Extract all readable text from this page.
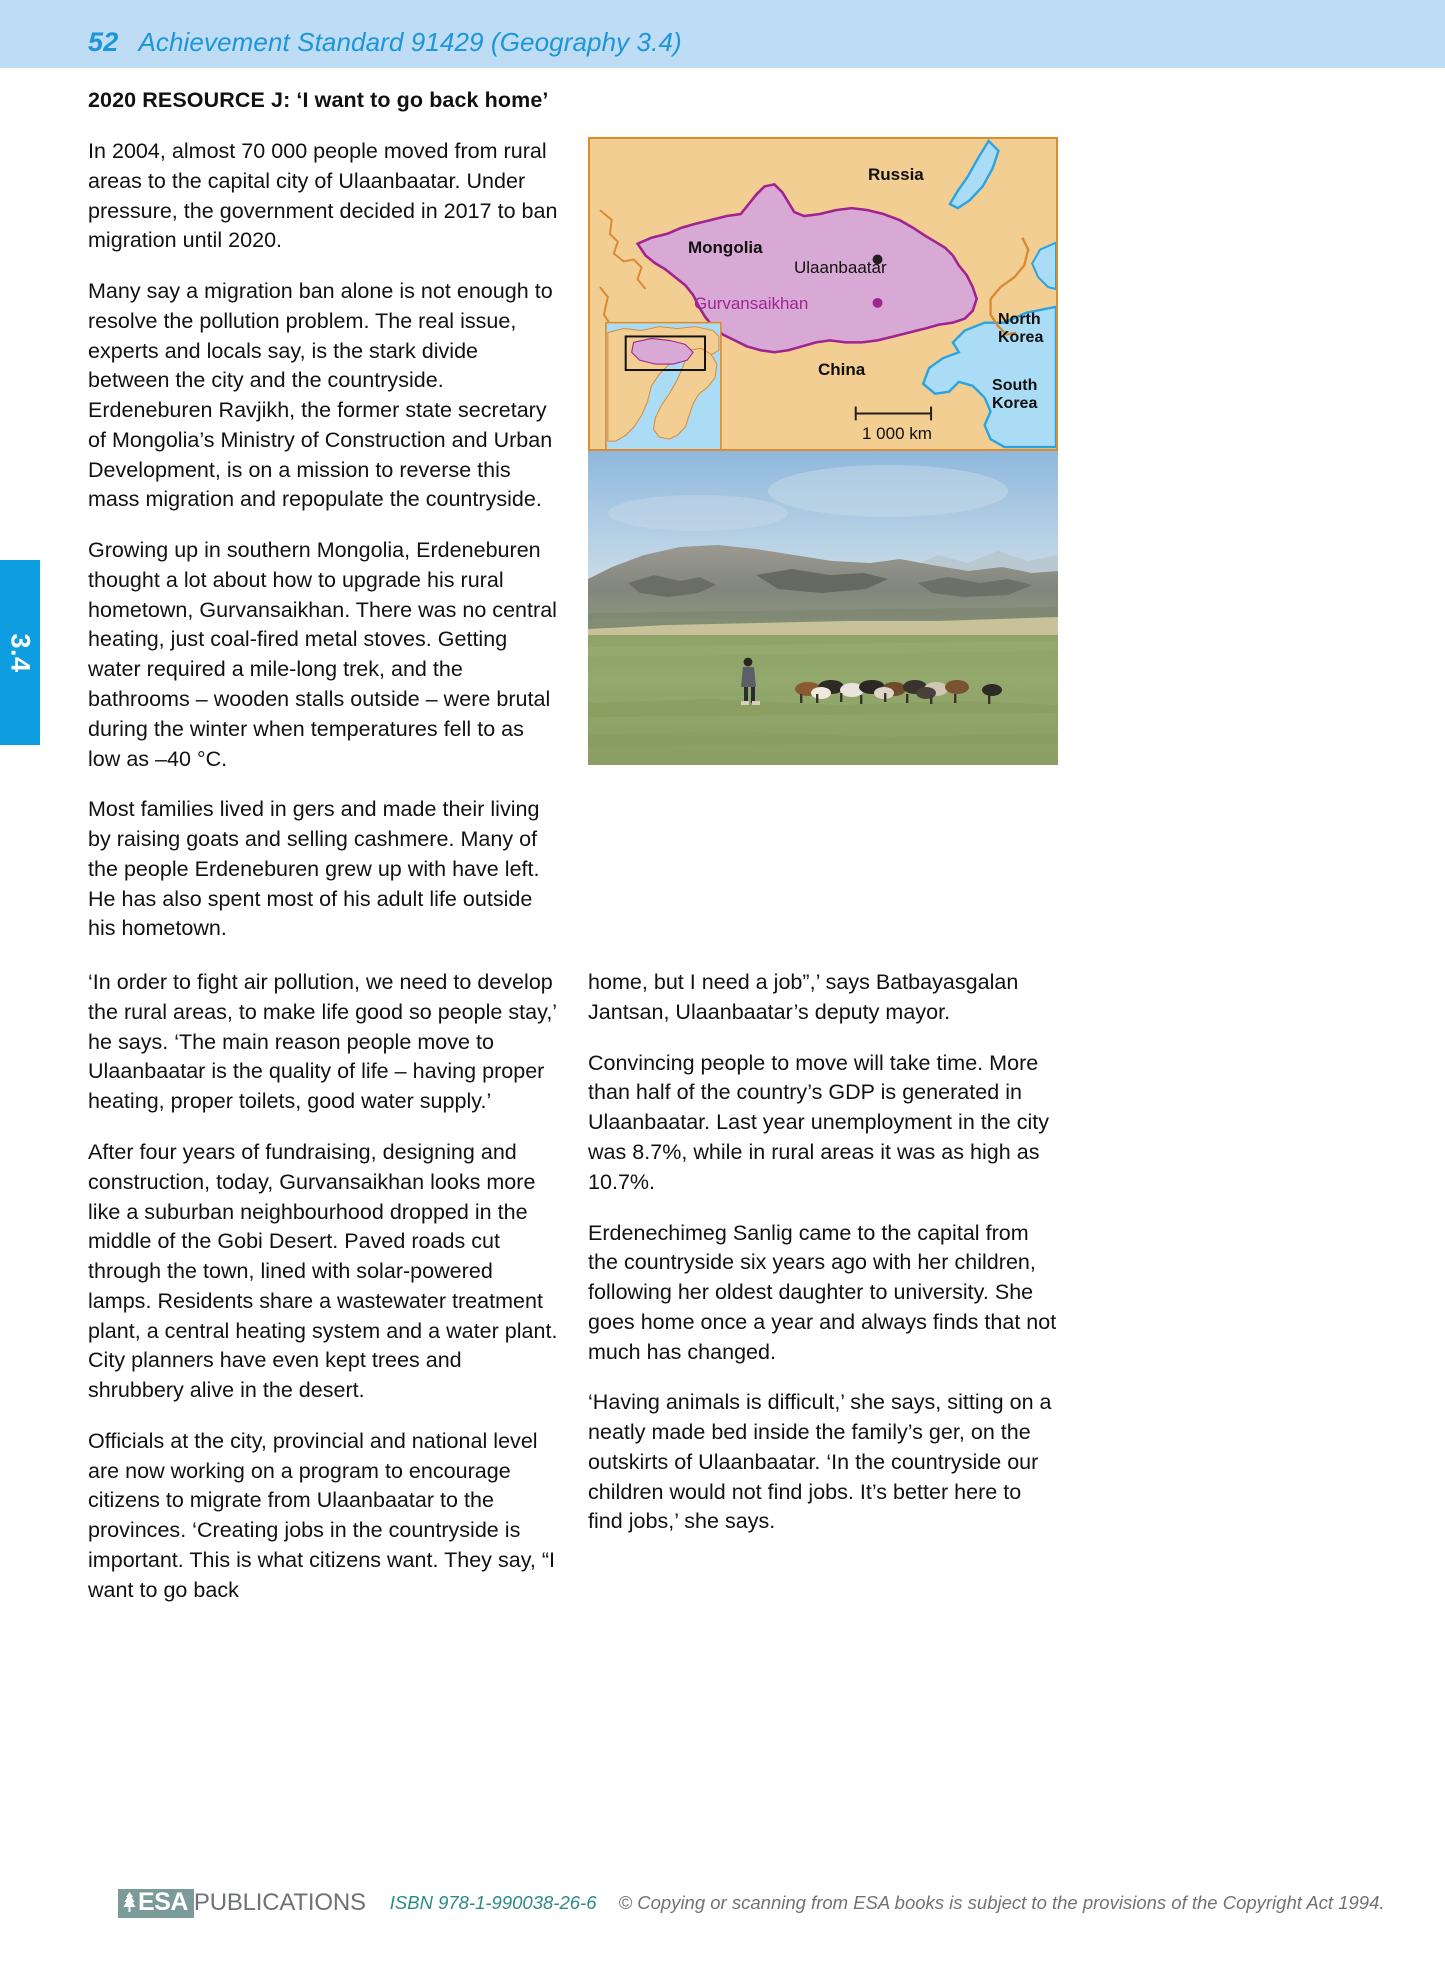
52 Achievement Standard 91429 (Geography 3.4)
3.4
2020 RESOURCE J: ‘I want to go back home’

In 2004, almost 70 000 people moved from rural areas to the capital city of Ulaanbaatar. Under pressure, the government decided in 2017 to ban migration until 2020.

Many say a migration ban alone is not enough to resolve the pollution problem. The real issue, experts and locals say, is the stark divide between the city and the countryside. Erdeneburen Ravjikh, the former state secretary of Mongolia’s Ministry of Construction and Urban Development, is on a mission to reverse this mass migration and repopulate the countryside.

Growing up in southern Mongolia, Erdeneburen thought a lot about how to upgrade his rural hometown, Gurvansaikhan. There was no central heating, just coal-fired metal stoves. Getting water required a mile-long trek, and the bathrooms – wooden stalls outside – were brutal during the winter when temperatures fell to as low as –40 °C.

Most families lived in gers and made their living by raising goats and selling cashmere. Many of the people Erdeneburen grew up with have left. He has also spent most of his adult life outside his hometown.

Russia
Mongolia
Ulaanbaatar
Gurvansaikhan
China
North
Korea
South
Korea
1 000 km

‘In order to fight air pollution, we need to develop the rural areas, to make life good so people stay,’ he says. ‘The main reason people move to Ulaanbaatar is the quality of life – having proper heating, proper toilets, good water supply.’

After four years of fundraising, designing and construction, today, Gurvansaikhan looks more like a suburban neighbourhood dropped in the middle of the Gobi Desert. Paved roads cut through the town, lined with solar-powered lamps. Residents share a wastewater treatment plant, a central heating system and a water plant. City planners have even kept trees and shrubbery alive in the desert.

Officials at the city, provincial and national level are now working on a program to encourage citizens to migrate from Ulaanbaatar to the provinces. ‘Creating jobs in the countryside is important. This is what citizens want. They say, “I want to go back

home, but I need a job”,’ says Batbayasgalan Jantsan, Ulaanbaatar’s deputy mayor.

Convincing people to move will take time. More than half of the country’s GDP is generated in Ulaanbaatar. Last year unemployment in the city was 8.7%, while in rural areas it was as high as 10.7%.

Erdenechimeg Sanlig came to the capital from the countryside six years ago with her children, following her oldest daughter to university. She goes home once a year and always finds that not much has changed.

‘Having animals is difficult,’ she says, sitting on a neatly made bed inside the family’s ger, on the outskirts of Ulaanbaatar. ‘In the countryside our children would not find jobs. It’s better here to find jobs,’ she says.

ESA PUBLICATIONS ISBN 978-1-990038-26-6 © Copying or scanning from ESA books is subject to the provisions of the Copyright Act 1994.
